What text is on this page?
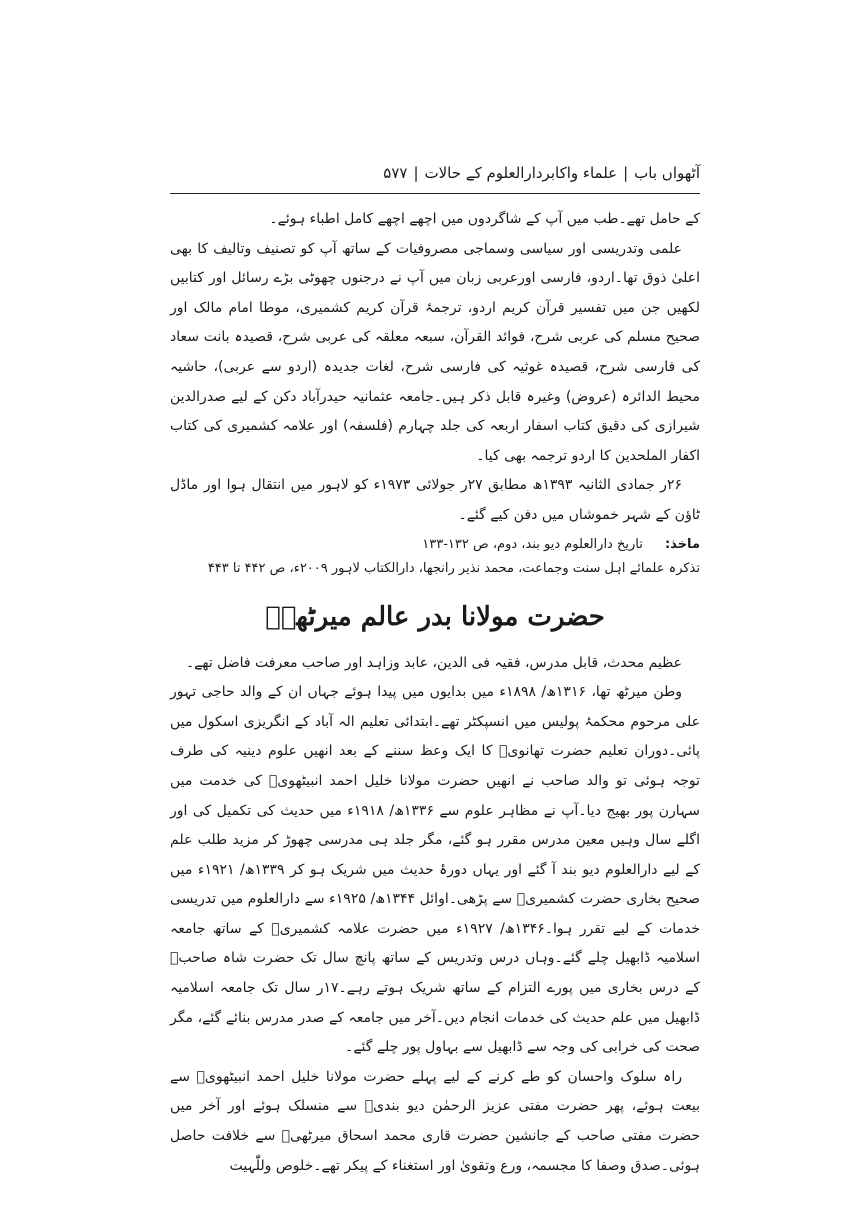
آٹھواں باب
|
علماء واکابردارالعلوم کے حالات
|
۵۷۷

کے حامل تھے۔طب میں آپ کے شاگردوں میں اچھے اچھے کامل اطباء ہوئے۔

علمی وتدریسی اور سیاسی وسماجی مصروفیات کے ساتھ آپ کو تصنیف وتالیف کا بھی اعلیٰ ذوق تھا۔اردو، فارسی اورعربی زبان میں آپ نے درجنوں چھوٹی بڑے رسائل اور کتابیں لکھیں جن میں تفسیر قرآن کریم اردو، ترجمۂ قرآن کریم کشمیری، موطا امام مالک اور صحیح مسلم کی عربی شرح، فوائد القرآن، سبعہ معلقہ کی عربی شرح، قصیدہ بانت سعاد کی فارسی شرح، قصیدہ غوثیہ کی فارسی شرح، لغات جدیدہ (اردو سے عربی)، حاشیہ محیط الدائرہ (عروض) وغیرہ قابل ذکر ہیں۔جامعہ عثمانیہ حیدرآباد دکن کے لیے صدرالدین شیرازی کی دقیق کتاب اسفار اربعہ کی جلد چہارم (فلسفہ) اور علامہ کشمیری کی کتاب اکفار الملحدین کا اردو ترجمہ بھی کیا۔

۲۶ر جمادی الثانیہ ۱۳۹۳ھ مطابق ۲۷ر جولائی ۱۹۷۳ء کو لاہور میں انتقال ہوا اور ماڈل ٹاؤن کے شہر خموشاں میں دفن کیے گئے۔

ماخذ: تاریخ دارالعلوم دیو بند، دوم، ص ۱۳۲-۱۳۳
تذکرہ علمائے اہل سنت وجماعت، محمد نذیر رانجھا، دارالکتاب لاہور ۲۰۰۹ء، ص ۴۴۲ تا ۴۴۳
حضرت مولانا بدر عالم میرٹھیؒ

عظیم محدث، قابل مدرس، فقیہ فی الدین، عابد وزاہد اور صاحب معرفت فاضل تھے۔

وطن میرٹھ تھا، ۱۳۱۶ھ/ ۱۸۹۸ء میں بدایوں میں پیدا ہوئے جہاں ان کے والد حاجی تہور علی مرحوم محکمۂ پولیس میں انسپکٹر تھے۔ابتدائی تعلیم الہ آباد کے انگریزی اسکول میں پائی۔دوران تعلیم حضرت تھانویؒ کا ایک وعظ سننے کے بعد انھیں علوم دینیہ کی طرف توجہ ہوئی تو والد صاحب نے انھیں حضرت مولانا خلیل احمد انبیٹھویؒ کی خدمت میں سہارن پور بھیج دیا۔آپ نے مظاہر علوم سے ۱۳۳۶ھ/ ۱۹۱۸ء میں حدیث کی تکمیل کی اور اگلے سال وہیں معین مدرس مقرر ہو گئے، مگر جلد ہی مدرسی چھوڑ کر مزید طلب علم کے لیے دارالعلوم دیو بند آ گئے اور یہاں دورۂ حدیث میں شریک ہو کر ۱۳۳۹ھ/ ۱۹۲۱ء میں صحیح بخاری حضرت کشمیریؒ سے پڑھی۔اوائل ۱۳۴۴ھ/ ۱۹۲۵ء سے دارالعلوم میں تدریسی خدمات کے لیے تقرر ہوا۔۱۳۴۶ھ/ ۱۹۲۷ء میں حضرت علامہ کشمیریؒ کے ساتھ جامعہ اسلامیہ ڈابھیل چلے گئے۔وہاں درس وتدریس کے ساتھ پانچ سال تک حضرت شاہ صاحبؒ کے درس بخاری میں پورے التزام کے ساتھ شریک ہوتے رہے۔۱۷ر سال تک جامعہ اسلامیہ ڈابھیل میں علم حدیث کی خدمات انجام دیں۔آخر میں جامعہ کے صدر مدرس بنائے گئے، مگر صحت کی خرابی کی وجہ سے ڈابھیل سے بہاول پور چلے گئے۔

راہ سلوک واحسان کو طے کرنے کے لیے پہلے حضرت مولانا خلیل احمد انبیٹھویؒ سے بیعت ہوئے، پھر حضرت مفتی عزیز الرحمٰن دیو بندیؒ سے منسلک ہوئے اور آخر میں حضرت مفتی صاحب کے جانشین حضرت قاری محمد اسحاق میرٹھیؒ سے خلافت حاصل ہوئی۔صدق وصفا کا مجسمہ، ورع وتقویٰ اور استغناء کے پیکر تھے۔خلوص وللّٰہیت
